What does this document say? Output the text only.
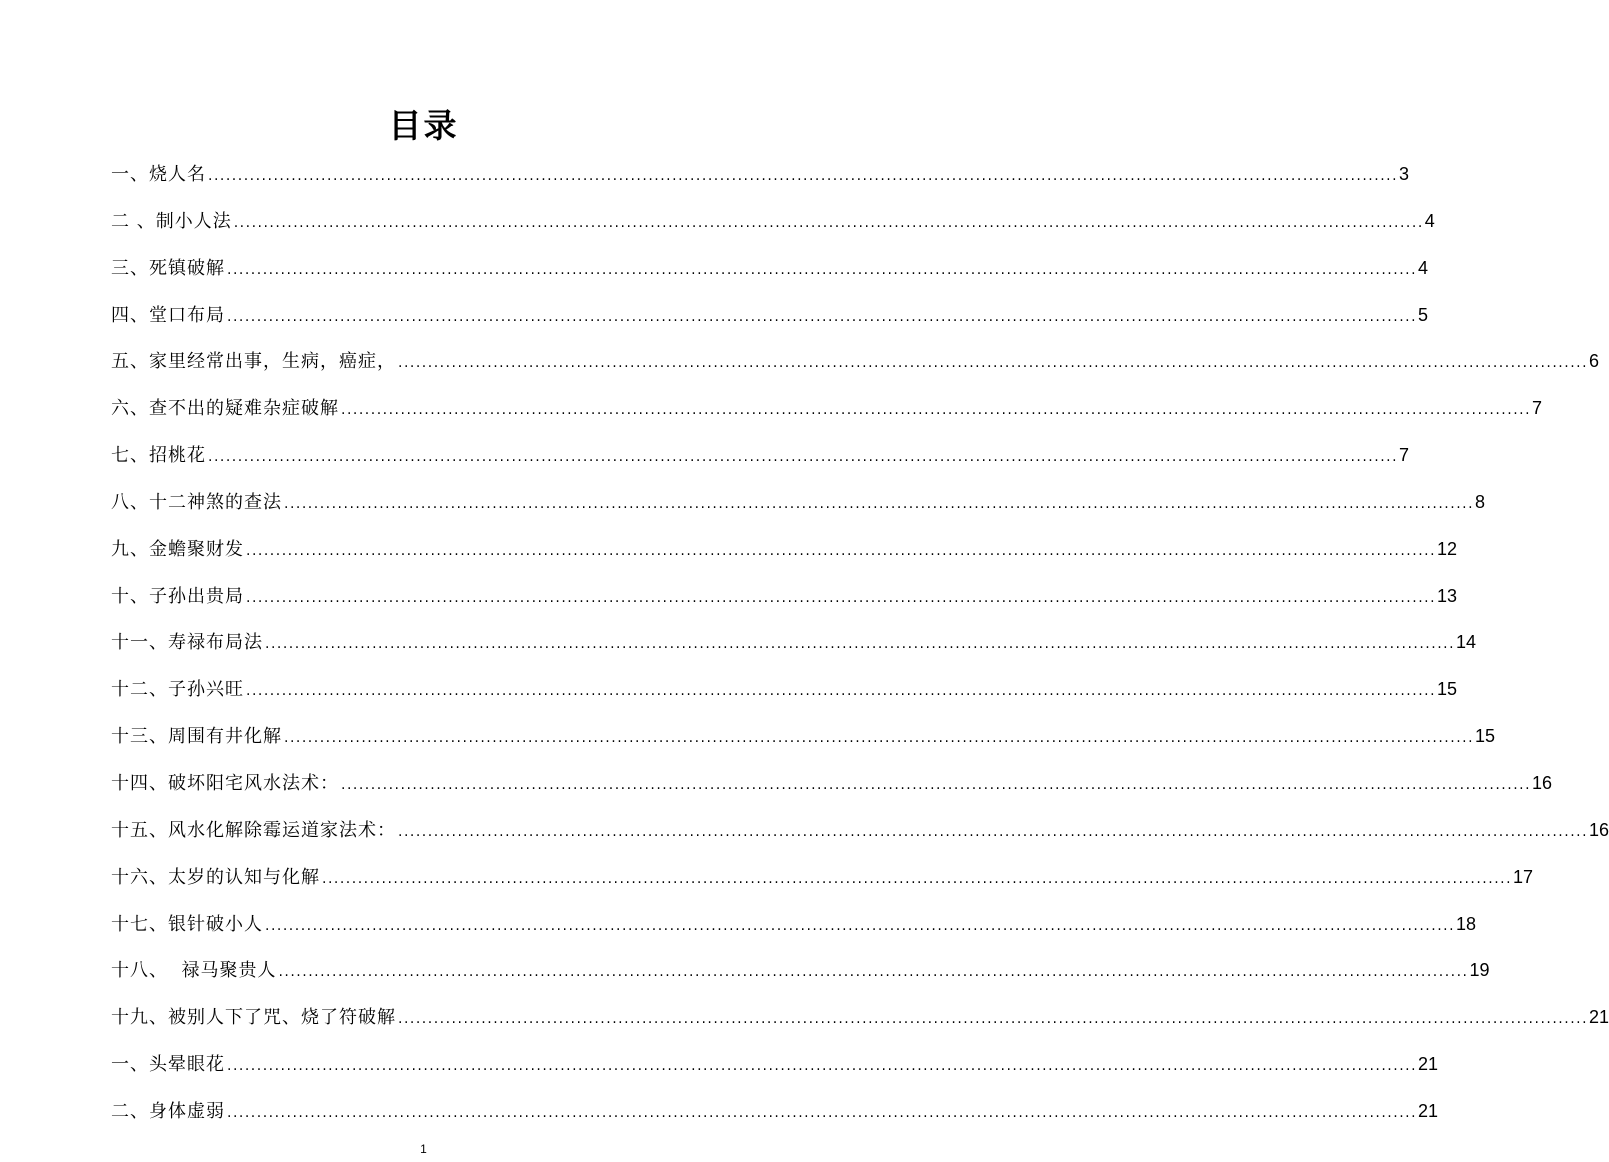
目录
一、烧人名 ........................................................................................................................................................................................................ 3
二 、制小人法 ........................................................................................................................................................................................................ 4
三、死镇破解 ........................................................................................................................................................................................................ 4
四、堂口布局 ........................................................................................................................................................................................................ 5
五、家里经常出事，生病，癌症， ........................................................................................................................................................................................................ 6
六、查不出的疑难杂症破解 ........................................................................................................................................................................................................ 7
七、招桃花 ........................................................................................................................................................................................................ 7
八、十二神煞的查法 ........................................................................................................................................................................................................ 8
九、金蟾聚财发 ........................................................................................................................................................................................................ 12
十、子孙出贵局 ........................................................................................................................................................................................................ 13
十一、寿禄布局法 ........................................................................................................................................................................................................ 14
十二、子孙兴旺 ........................................................................................................................................................................................................ 15
十三、周围有井化解 ........................................................................................................................................................................................................ 15
十四、破坏阳宅风水法术： ........................................................................................................................................................................................................ 16
十五、风水化解除霉运道家法术： ........................................................................................................................................................................................................ 16
十六、太岁的认知与化解 ........................................................................................................................................................................................................ 17
十七、银针破小人 ........................................................................................................................................................................................................ 18
十八、  禄马聚贵人 ........................................................................................................................................................................................................ 19
十九、被别人下了咒、烧了符破解 ........................................................................................................................................................................................................ 21
一、头晕眼花 ........................................................................................................................................................................................................ 21
二、身体虚弱 ........................................................................................................................................................................................................ 21
1
